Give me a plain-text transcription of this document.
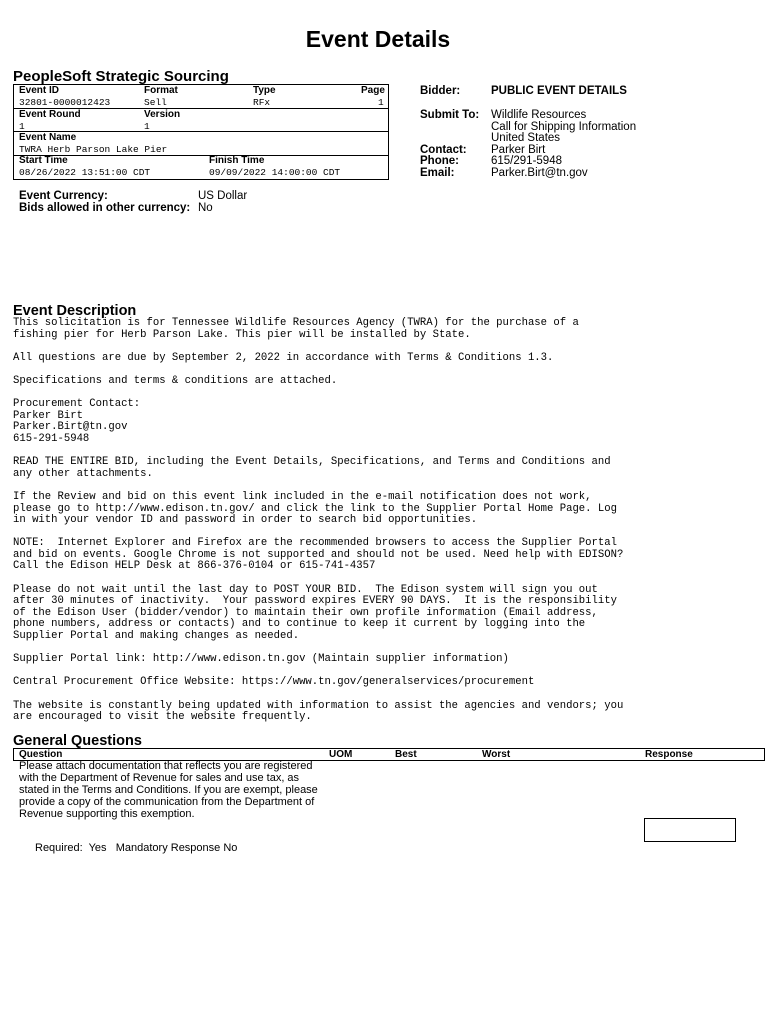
Event Details
PeopleSoft Strategic Sourcing
Event ID	Format	Type	Page
32801-0000012423	Sell	RFx	1
Event Round	Version
1	1
Event Name
TWRA Herb Parson Lake Pier
Start Time	Finish Time
08/26/2022 13:51:00 CDT	09/09/2022 14:00:00 CDT
Bidder:	PUBLIC EVENT DETAILS
Submit To: Wildlife Resources
Call for Shipping Information
United States
Contact: Parker Birt
Phone:	615/291-5948
Email:	Parker.Birt@tn.gov
Event Currency:	US Dollar
Bids allowed in other currency: No
Event Description

This solicitation is for Tennessee Wildlife Resources Agency (TWRA) for the purchase of a
fishing pier for Herb Parson Lake. This pier will be installed by State.

All questions are due by September 2, 2022 in accordance with Terms & Conditions 1.3.

Specifications and terms & conditions are attached.

Procurement Contact:
Parker Birt
Parker.Birt@tn.gov
615-291-5948

READ THE ENTIRE BID, including the Event Details, Specifications, and Terms and Conditions and
any other attachments.

If the Review and bid on this event link included in the e-mail notification does not work,
please go to http://www.edison.tn.gov/ and click the link to the Supplier Portal Home Page. Log
in with your vendor ID and password in order to search bid opportunities.

NOTE:  Internet Explorer and Firefox are the recommended browsers to access the Supplier Portal
and bid on events. Google Chrome is not supported and should not be used. Need help with EDISON?
Call the Edison HELP Desk at 866-376-0104 or 615-741-4357

Please do not wait until the last day to POST YOUR BID.  The Edison system will sign you out
after 30 minutes of inactivity.  Your password expires EVERY 90 DAYS.  It is the responsibility
of the Edison User (bidder/vendor) to maintain their own profile information (Email address,
phone numbers, address or contacts) and to continue to keep it current by logging into the
Supplier Portal and making changes as needed.

Supplier Portal link: http://www.edison.tn.gov (Maintain supplier information)

Central Procurement Office Website: https://www.tn.gov/generalservices/procurement

The website is constantly being updated with information to assist the agencies and vendors; you
are encouraged to visit the website frequently.

General Questions
Question	UOM	Best	Worst	Response
Please attach documentation that reflects you are registered with the Department of Revenue for sales and use tax, as stated in the Terms and Conditions. If you are exempt, please provide a copy of the communication from the Department of Revenue supporting this exemption.
Required:  Yes   Mandatory Response No
